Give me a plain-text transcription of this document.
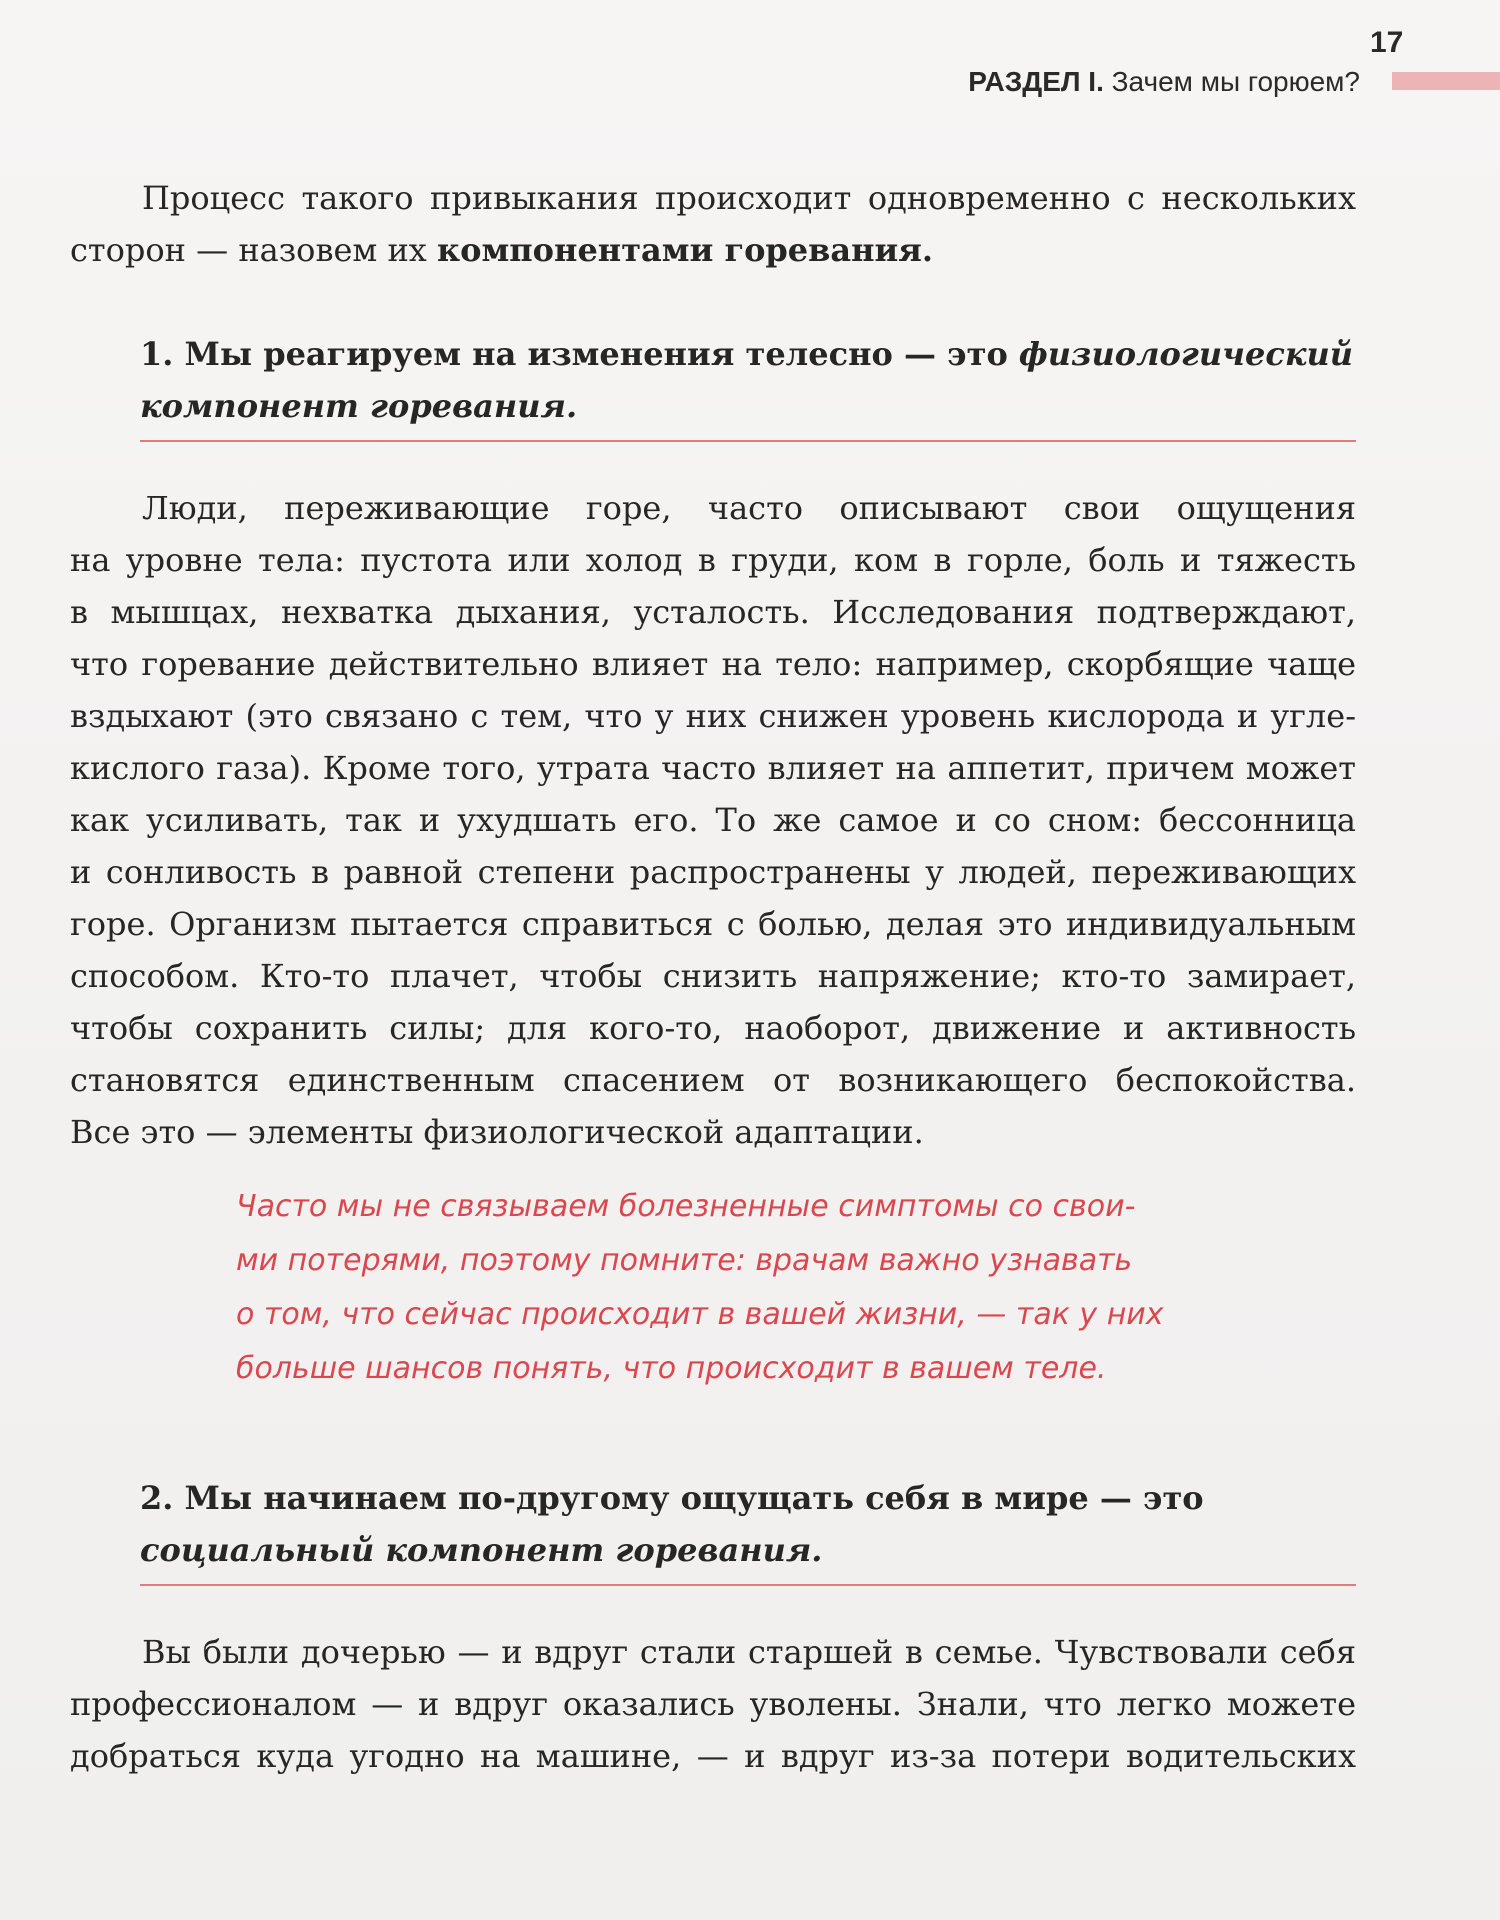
17
РАЗДЕЛ I. Зачем мы горюем?
Процесс такого привыкания происходит одновременно с нескольких
сторон — назовем их компонентами горевания.
1. Мы реагируем на изменения телесно — это физиологический компонент горевания.
Люди, переживающие горе, часто описывают свои ощущения
на уровне тела: пустота или холод в груди, ком в горле, боль и тяжесть
в мышцах, нехватка дыхания, усталость. Исследования подтверждают,
что горевание действительно влияет на тело: например, скорбящие чаще
вздыхают (это связано с тем, что у них снижен уровень кислорода и угле-
кислого газа). Кроме того, утрата часто влияет на аппетит, причем может
как усиливать, так и ухудшать его. То же самое и со сном: бессонница
и сонливость в равной степени распространены у людей, переживающих
горе. Организм пытается справиться с болью, делая это индивидуальным
способом. Кто-то плачет, чтобы снизить напряжение; кто-то замирает,
чтобы сохранить силы; для кого-то, наоборот, движение и активность
становятся единственным спасением от возникающего беспокойства.
Все это — элементы физиологической адаптации.
Часто мы не связываем болезненные симптомы со свои-
ми потерями, поэтому помните: врачам важно узнавать
о том, что сейчас происходит в вашей жизни, — так у них
больше шансов понять, что происходит в вашем теле.
2. Мы начинаем по-другому ощущать себя в мире — это
социальный компонент горевания.
Вы были дочерью — и вдруг стали старшей в семье. Чувствовали себя
профессионалом — и вдруг оказались уволены. Знали, что легко можете
добраться куда угодно на машине, — и вдруг из-за потери водительских
